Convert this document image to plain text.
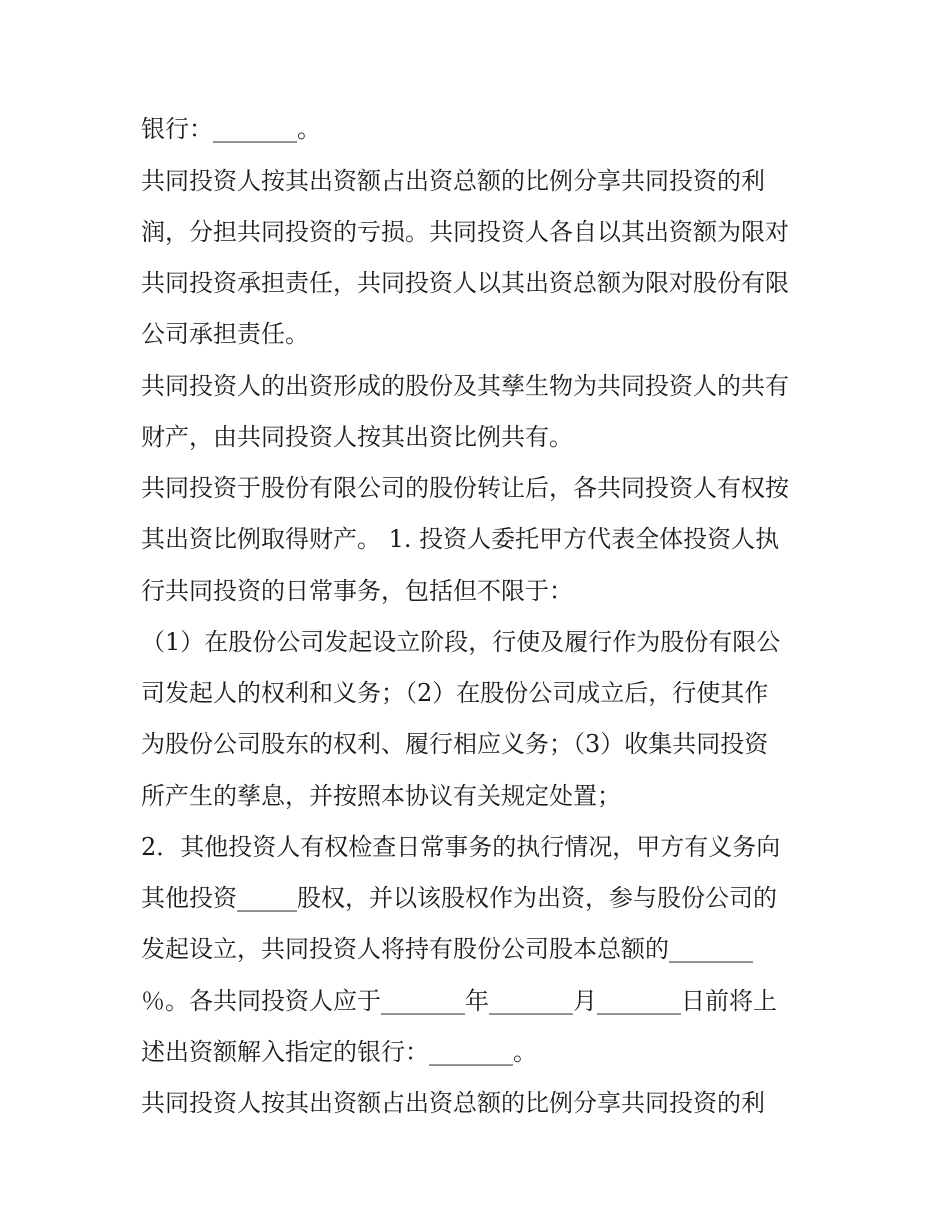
银行：_______。
共同投资人按其出资额占出资总额的比例分享共同投资的利
润，分担共同投资的亏损。共同投资人各自以其出资额为限对
共同投资承担责任，共同投资人以其出资总额为限对股份有限
公司承担责任。
共同投资人的出资形成的股份及其孳生物为共同投资人的共有
财产，由共同投资人按其出资比例共有。
共同投资于股份有限公司的股份转让后，各共同投资人有权按
其出资比例取得财产。 1. 投资人委托甲方代表全体投资人执
行共同投资的日常事务，包括但不限于：
（1）在股份公司发起设立阶段，行使及履行作为股份有限公
司发起人的权利和义务；（2）在股份公司成立后，行使其作
为股份公司股东的权利、履行相应义务；（3）收集共同投资
所产生的孳息，并按照本协议有关规定处置；
2．其他投资人有权检查日常事务的执行情况，甲方有义务向
其他投资_____股权，并以该股权作为出资，参与股份公司的
发起设立，共同投资人将持有股份公司股本总额的_______
％。各共同投资人应于_______年_______月_______日前将上
述出资额解入指定的银行：_______。
共同投资人按其出资额占出资总额的比例分享共同投资的利
